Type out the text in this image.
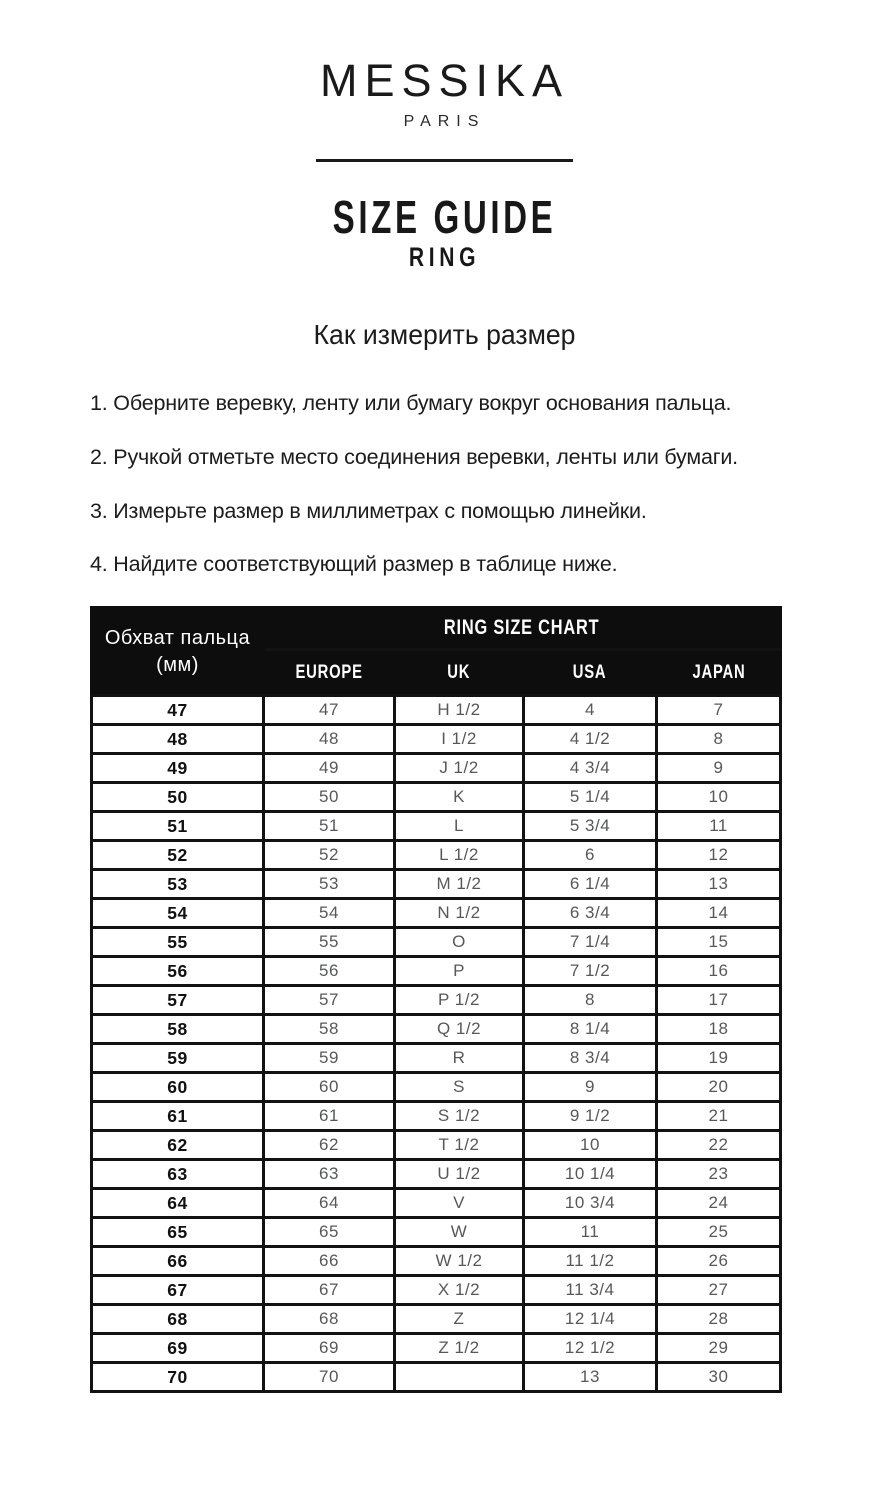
MESSIKA
PARIS
SIZE GUIDE
RING
Как измерить размер

1. Оберните веревку, ленту или бумагу вокруг основания пальца.

2. Ручкой отметьте место соединения веревки, ленты или бумаги.

3. Измерьте размер в миллиметрах с помощью линейки.

4. Найдите соответствующий размер в таблице ниже.

Обхват пальца
(мм)	RING SIZE CHART			
	EUROPE	UK	USA	JAPAN
47	47	H 1/2	4	7
48	48	I 1/2	4 1/2	8
49	49	J 1/2	4 3/4	9
50	50	K	5 1/4	10
51	51	L	5 3/4	11
52	52	L 1/2	6	12
53	53	M 1/2	6 1/4	13
54	54	N 1/2	6 3/4	14
55	55	O	7 1/4	15
56	56	P	7 1/2	16
57	57	P 1/2	8	17
58	58	Q 1/2	8 1/4	18
59	59	R	8 3/4	19
60	60	S	9	20
61	61	S 1/2	9 1/2	21
62	62	T 1/2	10	22
63	63	U 1/2	10 1/4	23
64	64	V	10 3/4	24
65	65	W	11	25
66	66	W 1/2	11 1/2	26
67	67	X 1/2	11 3/4	27
68	68	Z	12 1/4	28
69	69	Z 1/2	12 1/2	29
70	70		13	30
